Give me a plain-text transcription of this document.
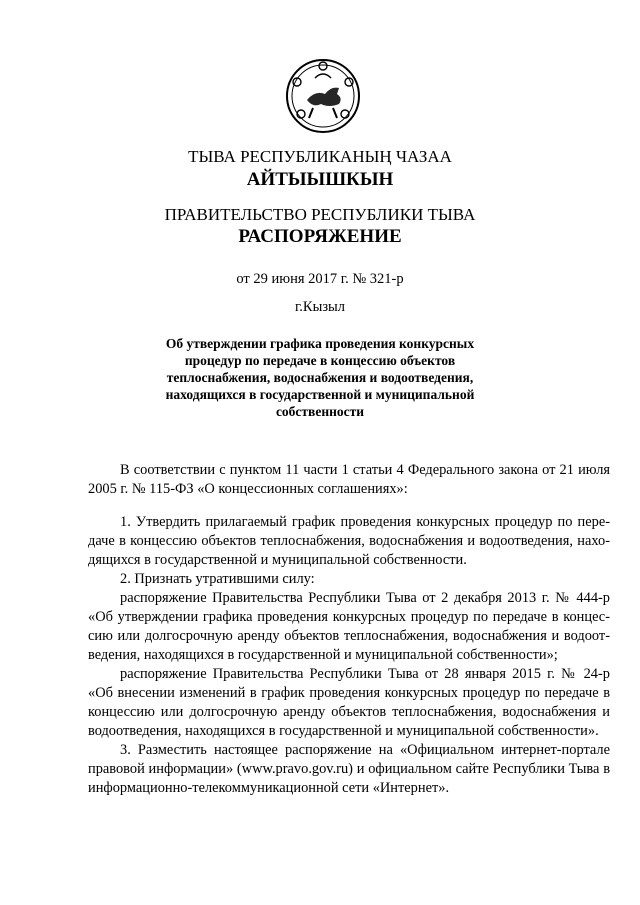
ТЫВА РЕСПУБЛИКАНЫҢ ЧАЗАА
АЙТЫЫШКЫН
ПРАВИТЕЛЬСТВО РЕСПУБЛИКИ ТЫВА
РАСПОРЯЖЕНИЕ
от 29 июня 2017 г. № 321-р
г.Кызыл
Об утверждении графика проведения конкурсных
процедур по передаче в концессию объектов
теплоснабжения, водоснабжения и водоотведения,
находящихся в государственной и муниципальной
собственности
В соответствии с пунктом 11 части 1 статьи 4 Федерального закона от 21 июля
2005 г. № 115-ФЗ «О концессионных соглашениях»:
1. Утвердить прилагаемый график проведения конкурсных процедур по пере-
даче в концессию объектов теплоснабжения, водоснабжения и водоотведения, нахо-
дящихся в государственной и муниципальной собственности.
2. Признать утратившими силу:
распоряжение Правительства Республики Тыва от 2 декабря 2013 г. № 444-р
«Об утверждении графика проведения конкурсных процедур по передаче в концес-
сию или долгосрочную аренду объектов теплоснабжения, водоснабжения и водоот-
ведения, находящихся в государственной и муниципальной собственности»;
распоряжение Правительства Республики Тыва от 28 января 2015 г. № 24-р
«Об внесении изменений в график проведения конкурсных процедур по передаче в
концессию или долгосрочную аренду объектов теплоснабжения, водоснабжения и
водоотведения, находящихся в государственной и муниципальной собственности».
3. Разместить настоящее распоряжение на «Официальном интернет-портале
правовой информации» (www.pravo.gov.ru) и официальном сайте Республики Тыва в
информационно-телекоммуникационной сети «Интернет».
